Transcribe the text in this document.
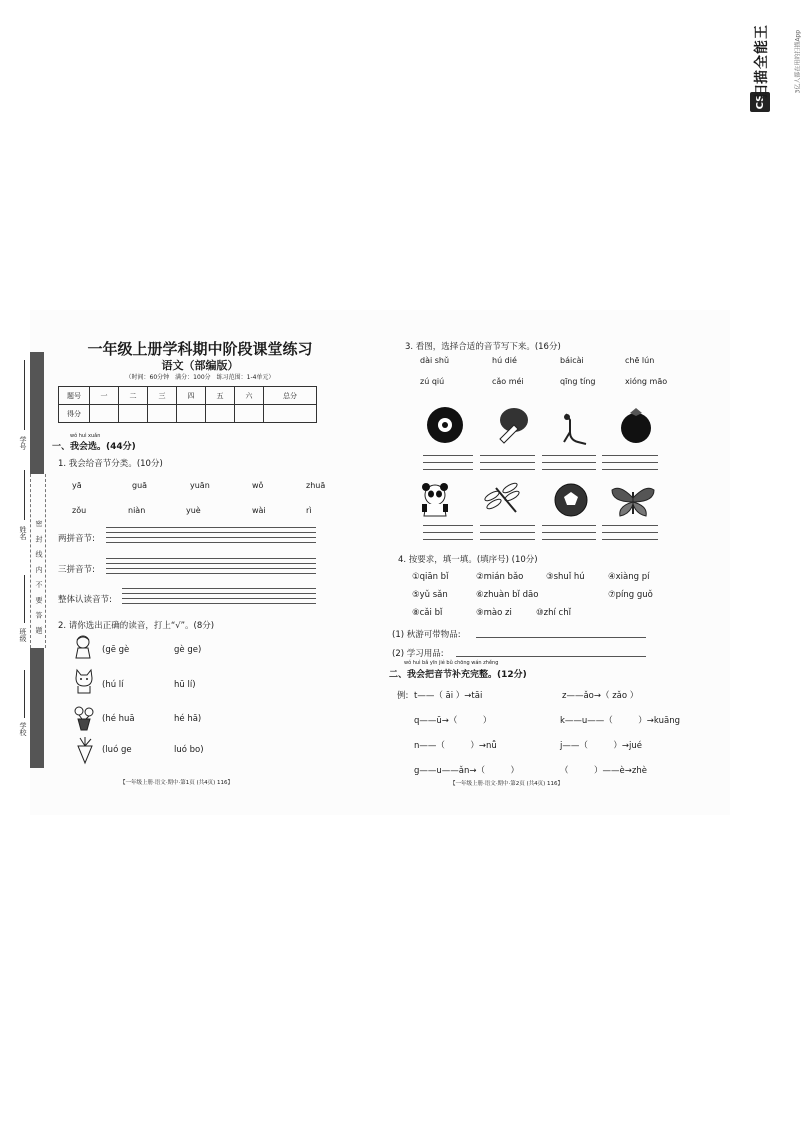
CS
扫描全能王	3亿人都在用的扫描App
学号
姓名
班级
学校
密 封 线 内 不 要 答 题
一年级上册学科期中阶段课堂练习
语文（部编版）
（时间：60分钟　满分：100分　练习范围：1-4单元）
题号	一	二	三	四	五	六	总分
得分							
wǒ huì xuǎn
一、我会选。(44分)
1. 我会给音节分类。(10分)
yā	guā	yuān	wǒ	zhuā
zǒu	niàn	yuè	wài	rì
两拼音节:
三拼音节:
整体认读音节:
2. 请你选出正确的读音，打上“√”。(8分)
(gē gè	gè ge)
(hú lí	hū lí)
(hé huā	hé hā)
(luó ge	luó bo)
【一年级上册·语文·期中·第1页 (共4页) 116】
3. 看图，选择合适的音节写下来。(16分)
dài shǔ	hú dié	báicài	chē lún
zú qiú	cǎo méi	qīng tíng	xióng māo
4. 按要求，填一填。(填序号) (10分)
①qiān bǐ	②mián bǎo	③shuǐ hú	④xiàng pí
⑤yǔ sǎn	⑥zhuàn bǐ dāo	⑦píng guǒ
⑧cǎi bǐ	⑨mào zi	⑩zhí chǐ
(1) 秋游可带物品:
(2) 学习用品:
wǒ huì bǎ yīn jié bǔ chōng wán zhěng
二、我会把音节补充完整。(12分)
例: t——（ āi ）→tāi	z——ǎo→（ zǎo ）
q——ū→（　　　）	k——u——（　　　）→kuāng
n——（　　　）→nǚ	j——（　　　）→jué
g——u——ǎn→（　　　）	（　　　）——è→zhè
【一年级上册·语文·期中·第2页 (共4页) 116】
